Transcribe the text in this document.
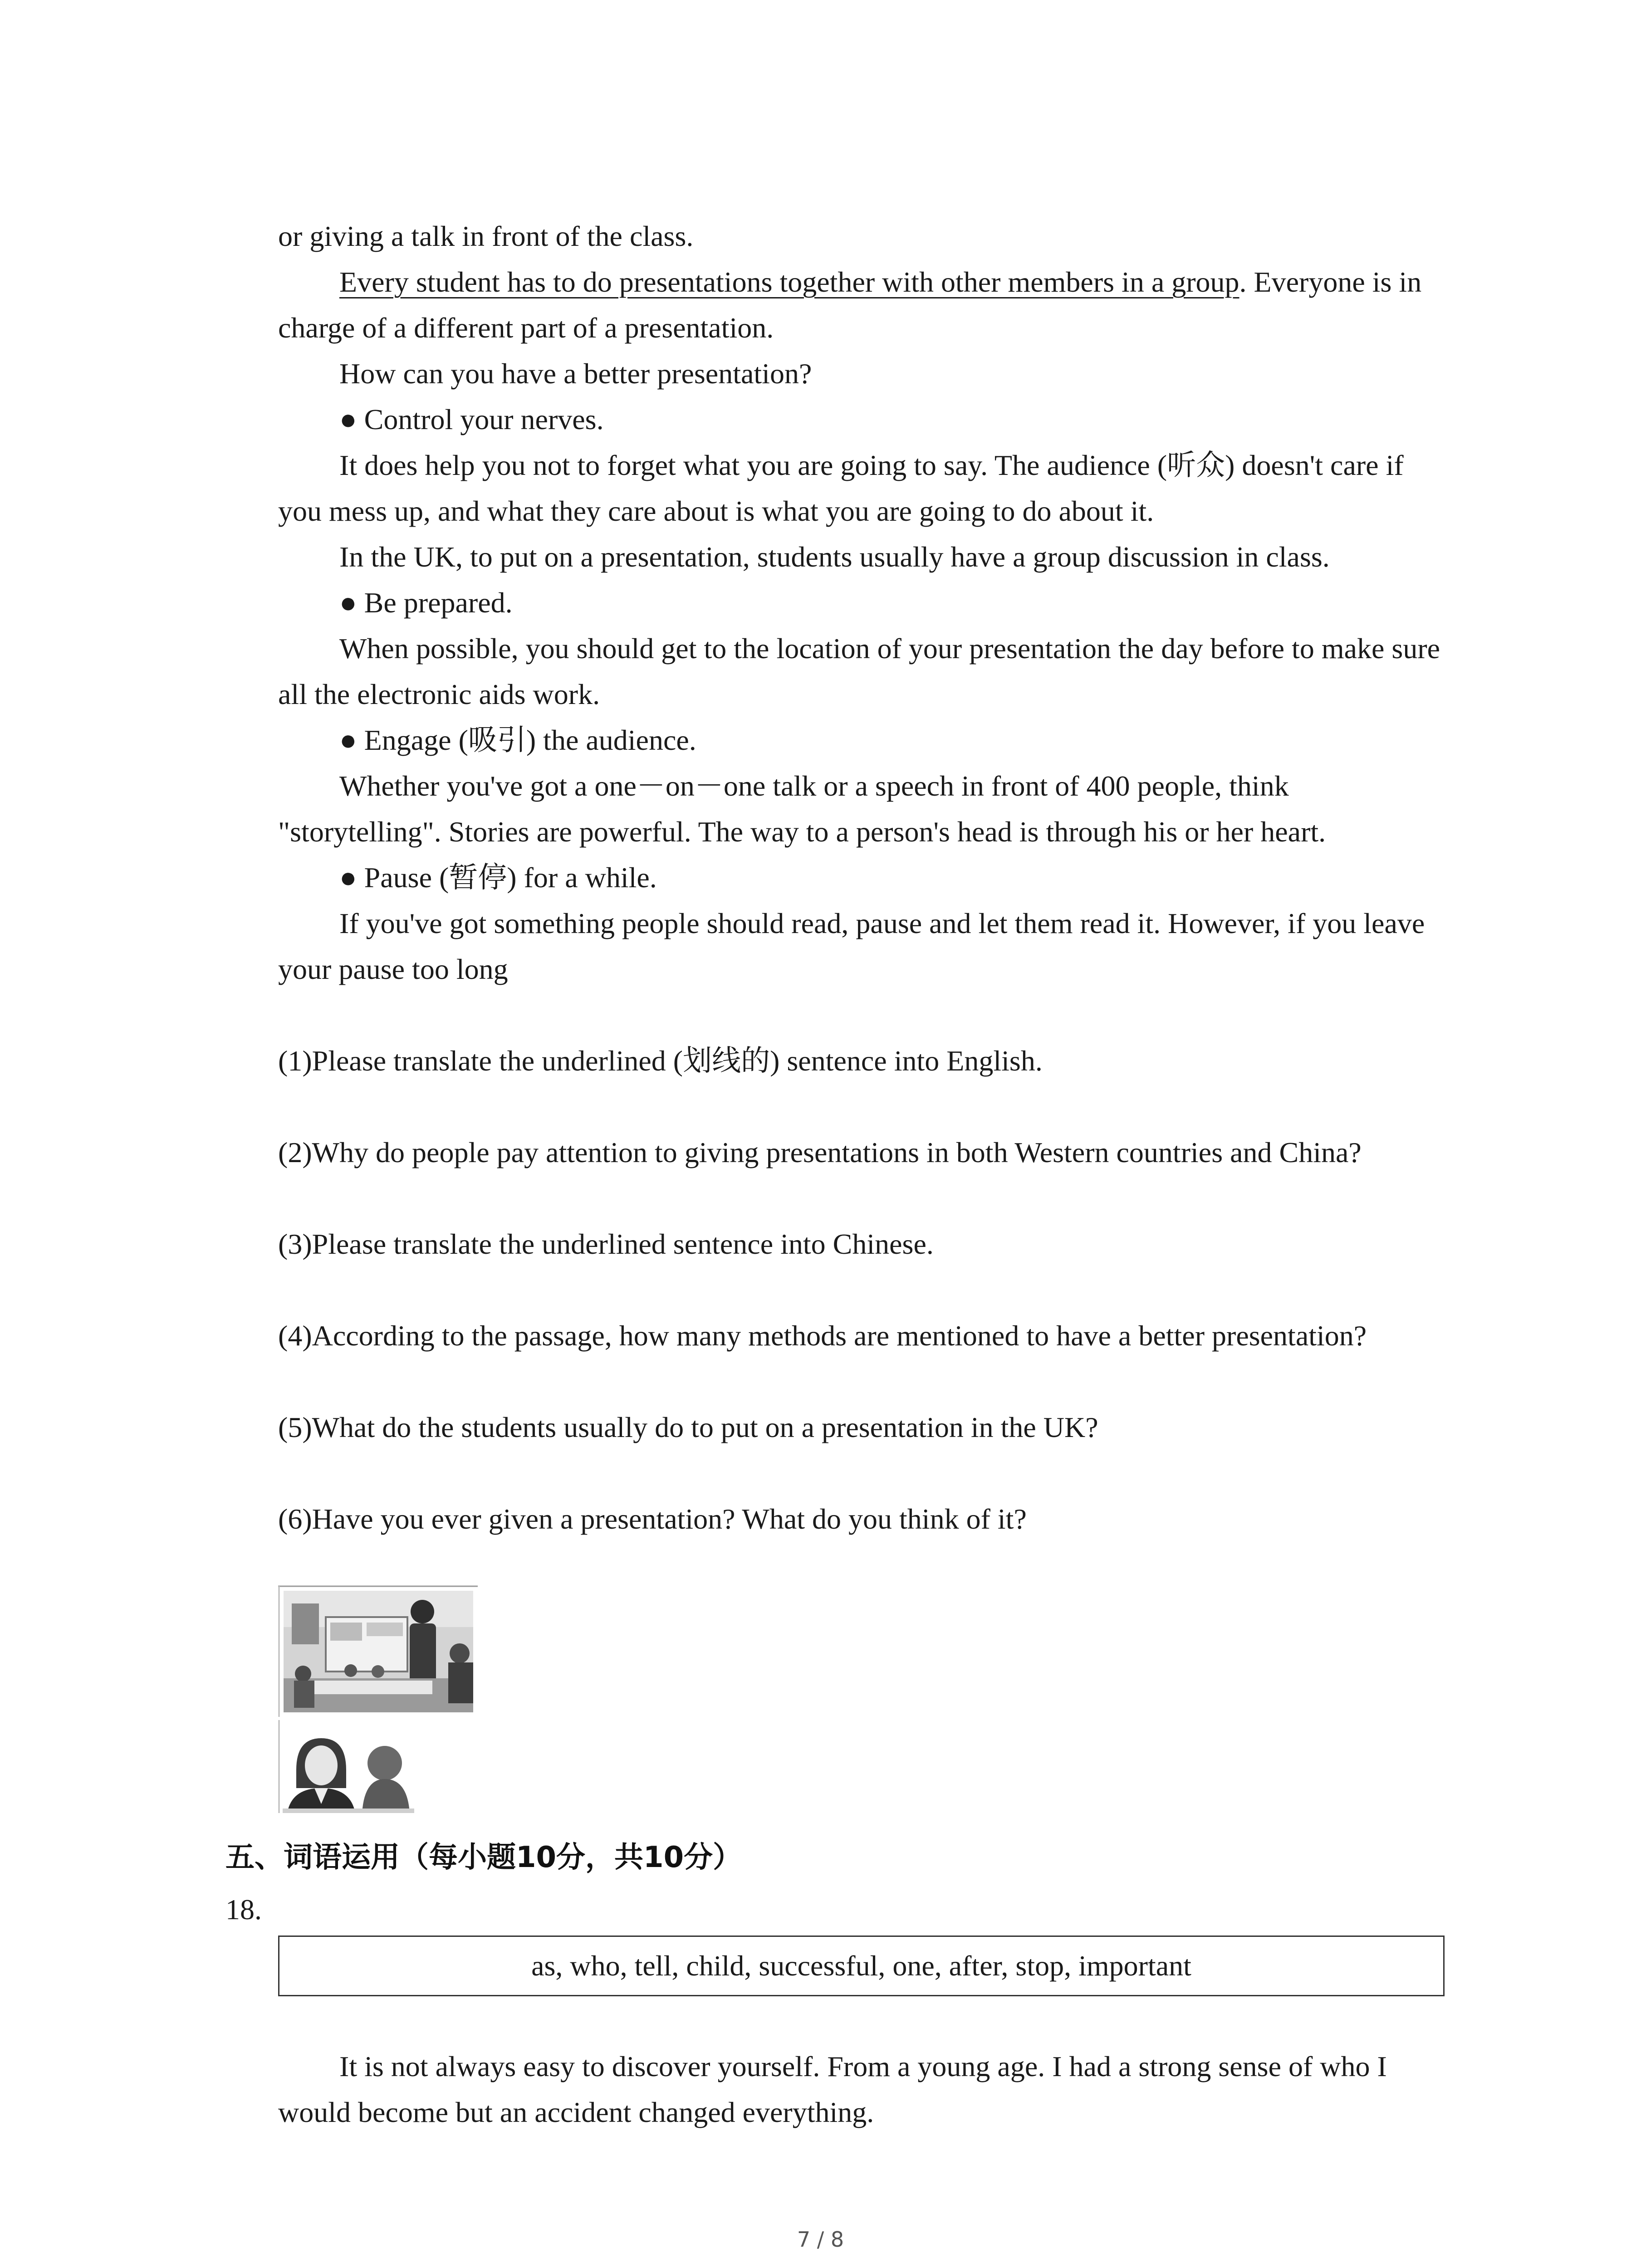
or giving a talk in front of the class.

Every student has to do presentations together with other members in a group. Everyone is in charge of a different part of a presentation.

How can you have a better presentation?

● Control your nerves.

It does help you not to forget what you are going to say. The audience (听众) doesn't care if you mess up, and what they care about is what you are going to do about it.

In the UK, to put on a presentation, students usually have a group discussion in class.

● Be prepared.

When possible, you should get to the location of your presentation the day before to make sure all the electronic aids work.

● Engage (吸引) the audience.

Whether you've got a one－on－one talk or a speech in front of 400 people, think "storytelling". Stories are powerful. The way to a person's head is through his or her heart.

● Pause (暂停) for a while.

If you've got something people should read, pause and let them read it. However, if you leave your pause too long

(1)Please translate the underlined (划线的) sentence into English.

(2)Why do people pay attention to giving presentations in both Western countries and China?

(3)Please translate the underlined sentence into Chinese.

(4)According to the passage, how many methods are mentioned to have a better presentation?

(5)What do the students usually do to put on a presentation in the UK?

(6)Have you ever given a presentation? What do you think of it?

五、词语运用（每小题10分，共10分）
18.
as, who, tell, child, successful, one, after, stop, important

It is not always easy to discover yourself. From a young age. I had a strong sense of who I would become but an accident changed everything.

7 / 8
